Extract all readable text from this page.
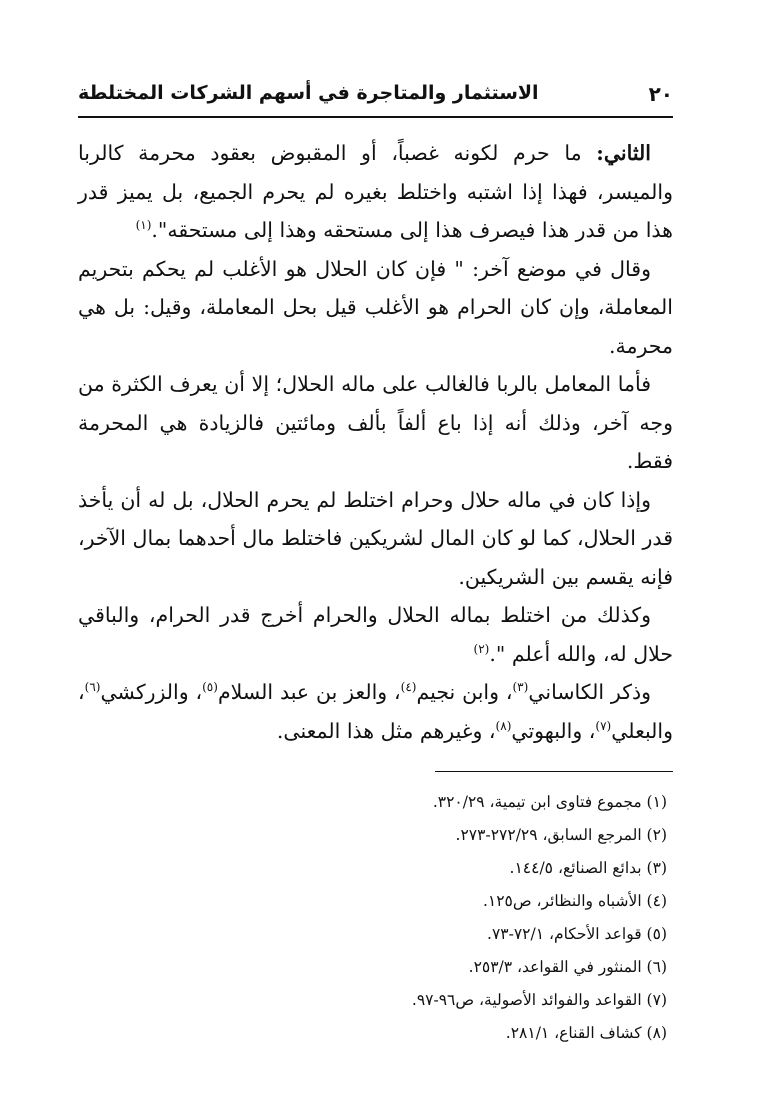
٢٠
الاستثمار والمتاجرة في أسهم الشركات المختلطة

الثاني: ما حرم لكونه غصباً، أو المقبوض بعقود محرمة كالربا والميسر، فهذا إذا اشتبه واختلط بغيره لم يحرم الجميع، بل يميز قدر هذا من قدر هذا فيصرف هذا إلى مستحقه وهذا إلى مستحقه".$^{(١)}$

وقال في موضع آخر: " فإن كان الحلال هو الأغلب لم يحكم بتحريم المعاملة، وإن كان الحرام هو الأغلب قيل بحل المعاملة، وقيل: بل هي محرمة.

فأما المعامل بالربا فالغالب على ماله الحلال؛ إلا أن يعرف الكثرة من وجه آخر، وذلك أنه إذا باع ألفاً بألف ومائتين فالزيادة هي المحرمة فقط.

وإذا كان في ماله حلال وحرام اختلط لم يحرم الحلال، بل له أن يأخذ قدر الحلال، كما لو كان المال لشريكين فاختلط مال أحدهما بمال الآخر، فإنه يقسم بين الشريكين.

وكذلك من اختلط بماله الحلال والحرام أخرج قدر الحرام، والباقي حلال له، والله أعلم ".$^{(٢)}$

وذكر الكاساني$^{(٣)}$، وابن نجيم$^{(٤)}$، والعز بن عبد السلام$^{(٥)}$، والزركشي$^{(٦)}$، والبعلي$^{(٧)}$، والبهوتي$^{(٨)}$، وغيرهم مثل هذا المعنى.

(١) مجموع فتاوى ابن تيمية، ٣٢٠/٢٩.
(٢) المرجع السابق، ٢٧٢/٢٩-٢٧٣.
(٣) بدائع الصنائع، ١٤٤/٥.
(٤) الأشباه والنظائر، ص١٢٥.
(٥) قواعد الأحكام، ٧٢/١-٧٣.
(٦) المنثور في القواعد، ٢٥٣/٣.
(٧) القواعد والفوائد الأصولية، ص٩٦-٩٧.
(٨) كشاف القناع، ٢٨١/١.
